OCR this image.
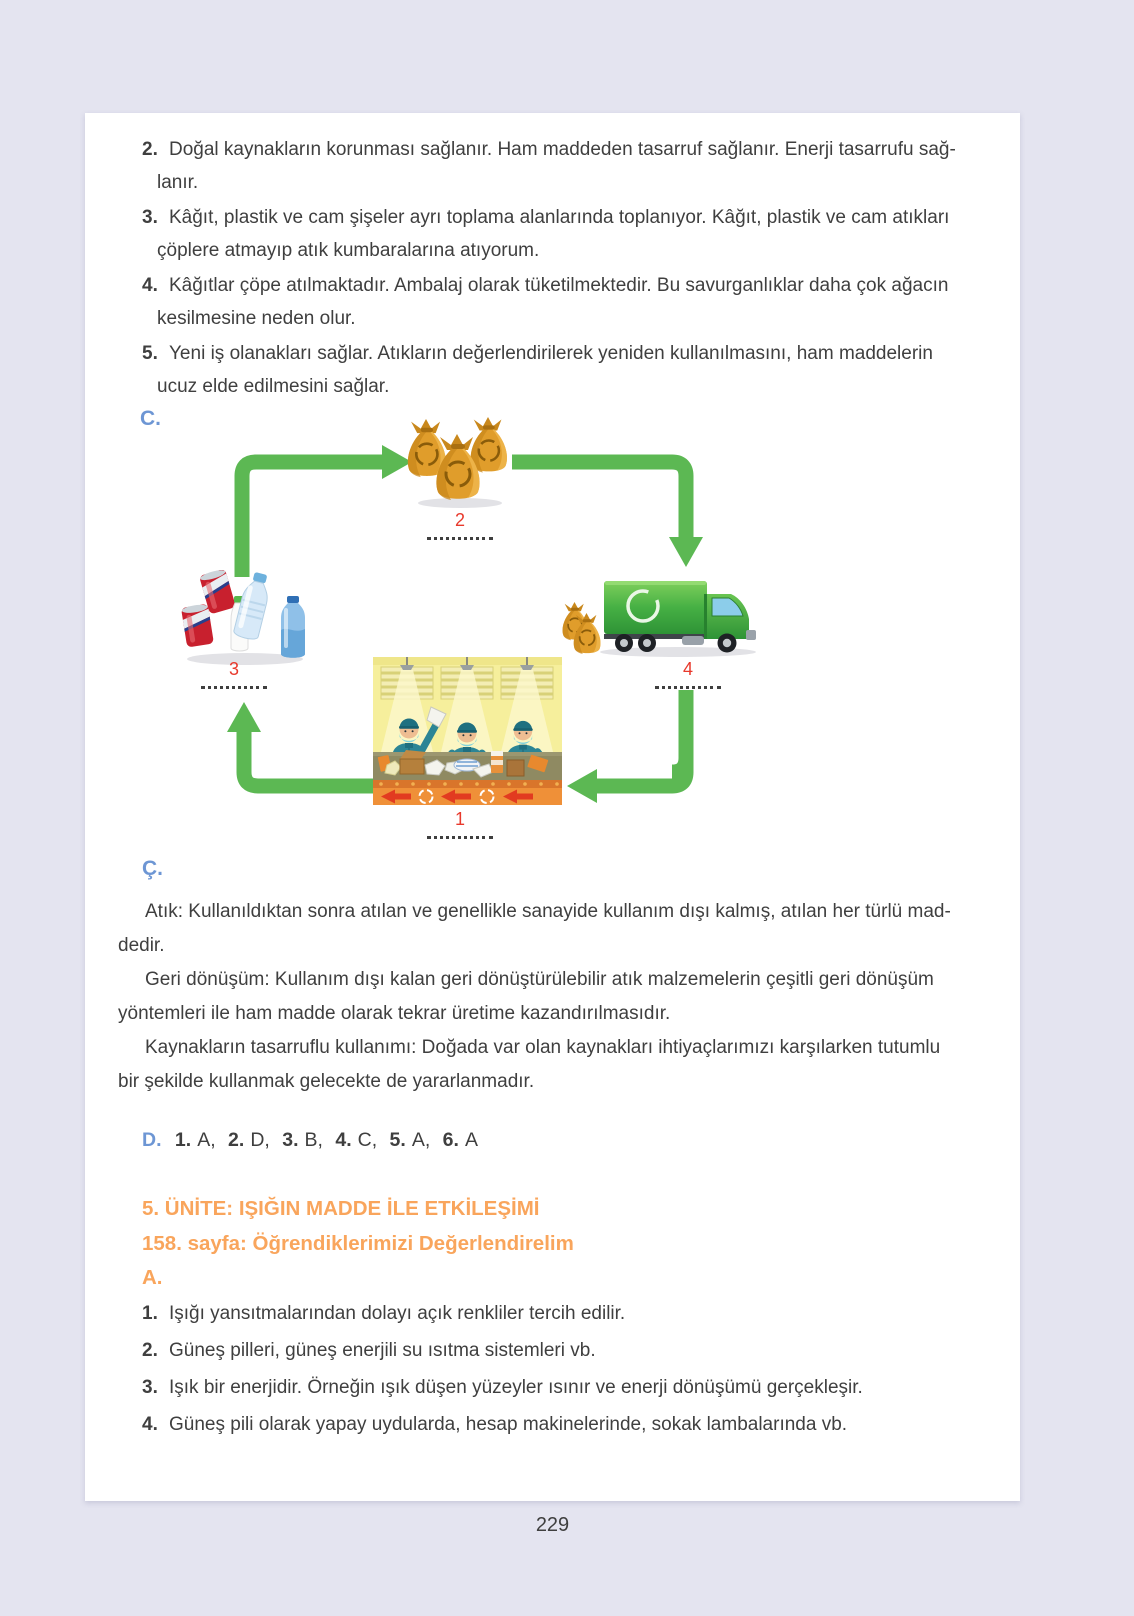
2. Doğal kaynakların korunması sağlanır. Ham maddeden tasarruf sağlanır. Enerji tasarrufu sağ-
lanır.
3. Kâğıt, plastik ve cam şişeler ayrı toplama alanlarında toplanıyor. Kâğıt, plastik ve cam atıkları
çöplere atmayıp atık kumbaralarına atıyorum.
4. Kâğıtlar çöpe atılmaktadır. Ambalaj olarak tüketilmektedir. Bu savurganlıklar daha çok ağacın
kesilmesine neden olur.
5. Yeni iş olanakları sağlar. Atıkların değerlendirilerek yeniden kullanılmasını, ham maddelerin
ucuz elde edilmesini sağlar.
C.
2
3	4
1
Ç.

Atık: Kullanıldıktan sonra atılan ve genellikle sanayide kullanım dışı kalmış, atılan her türlü mad-
dedir.

Geri dönüşüm: Kullanım dışı kalan geri dönüştürülebilir atık malzemelerin çeşitli geri dönüşüm
yöntemleri ile ham madde olarak tekrar üretime kazandırılmasıdır.

Kaynakların tasarruflu kullanımı: Doğada var olan kaynakları ihtiyaçlarımızı karşılarken tutumlu
bir şekilde kullanmak gelecekte de yararlanmadır.

D. 1. A, 2. D, 3. B, 4. C, 5. A, 6. A
5. ÜNİTE: IŞIĞIN MADDE İLE ETKİLEŞİMİ
158. sayfa: Öğrendiklerimizi Değerlendirelim
A.
1. Işığı yansıtmalarından dolayı açık renkliler tercih edilir.
2. Güneş pilleri, güneş enerjili su ısıtma sistemleri vb.
3. Işık bir enerjidir. Örneğin ışık düşen yüzeyler ısınır ve enerji dönüşümü gerçekleşir.
4. Güneş pili olarak yapay uydularda, hesap makinelerinde, sokak lambalarında vb.
229
